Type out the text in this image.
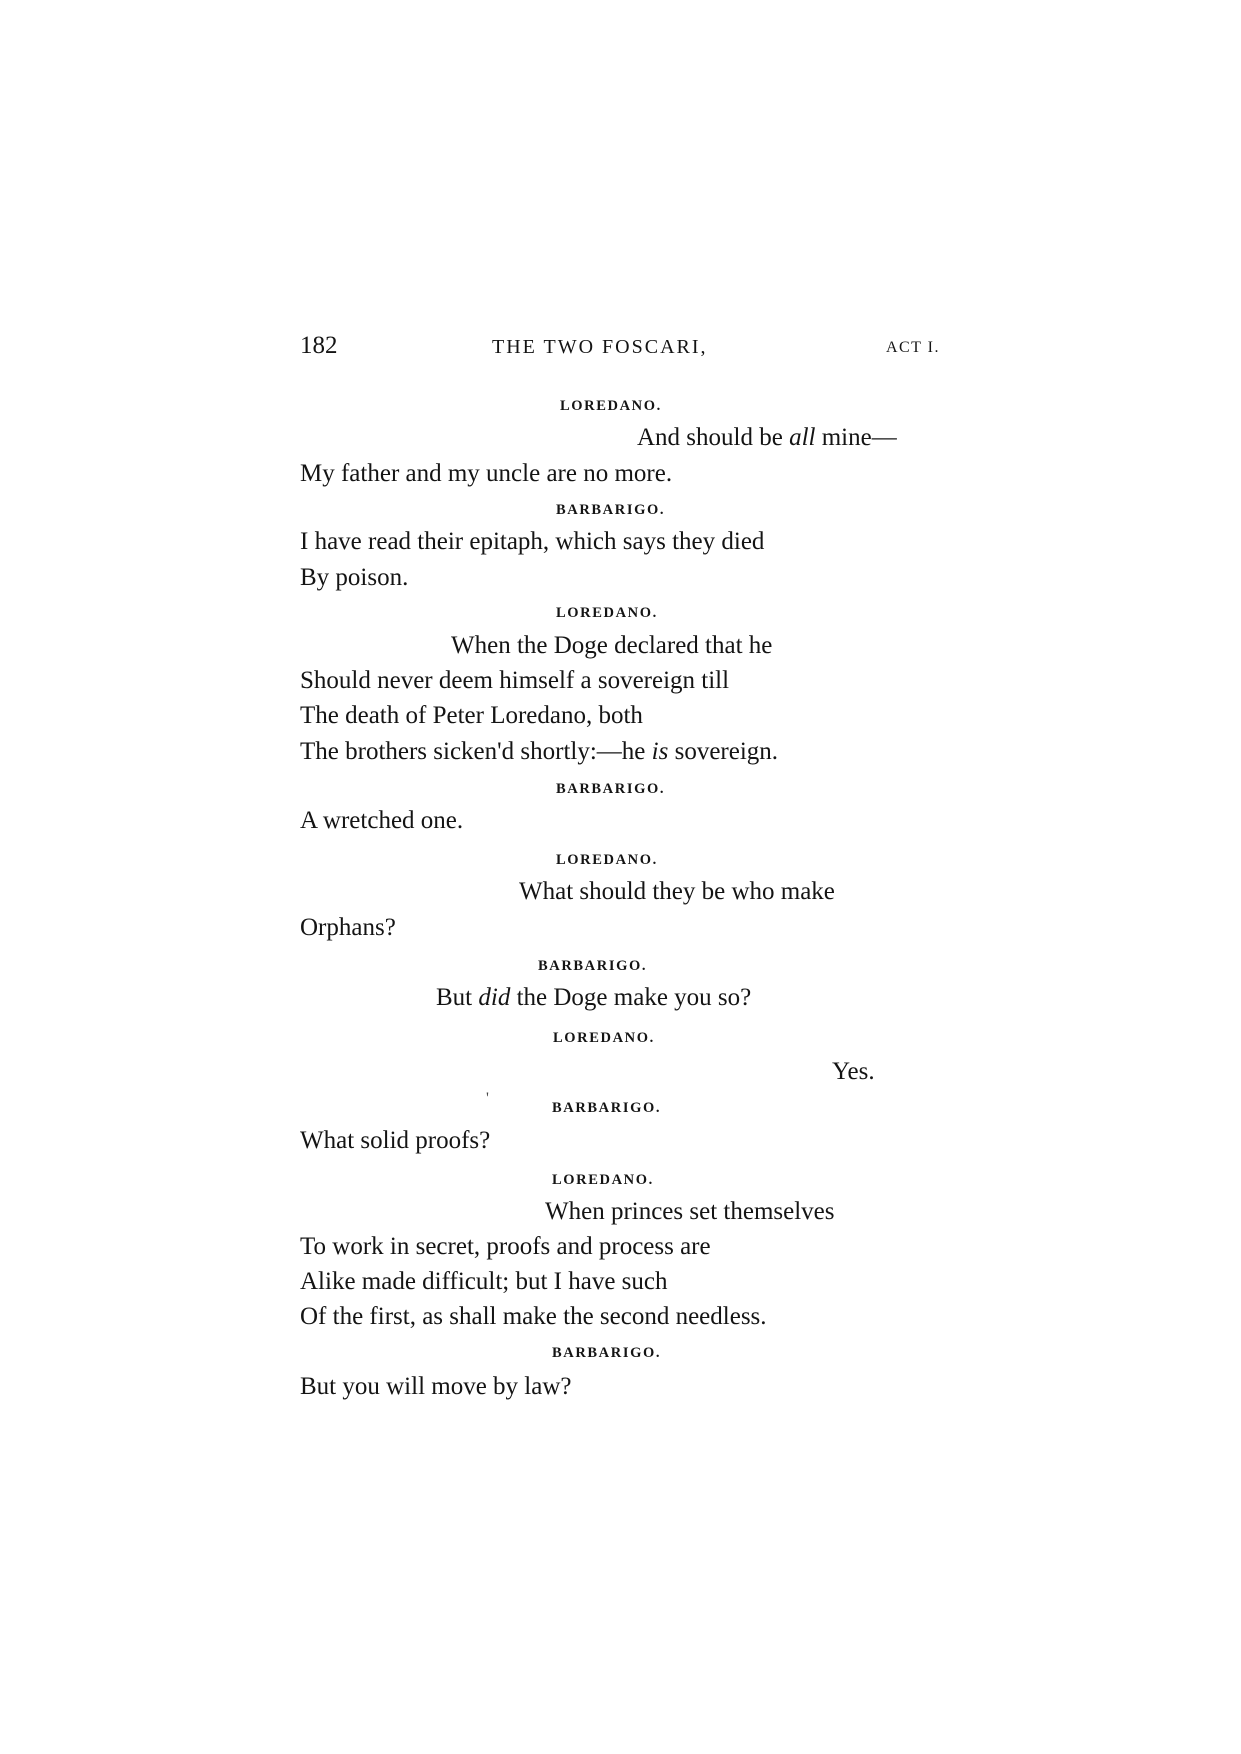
182	THE TWO FOSCARI,	ACT I.
LOREDANO.
And should be all mine—
My father and my uncle are no more.
BARBARIGO.
I have read their epitaph, which says they died
By poison.
LOREDANO.
When the Doge declared that he
Should never deem himself a sovereign till
The death of Peter Loredano, both
The brothers sicken'd shortly:—he is sovereign.
BARBARIGO.
A wretched one.
LOREDANO.
What should they be who make
Orphans?
BARBARIGO.
But did the Doge make you so?
LOREDANO.
Yes.
BARBARIGO.
What solid proofs?
LOREDANO.
When princes set themselves
To work in secret, proofs and process are
Alike made difficult; but I have such
Of the first, as shall make the second needless.
BARBARIGO.
But you will move by law?
'
